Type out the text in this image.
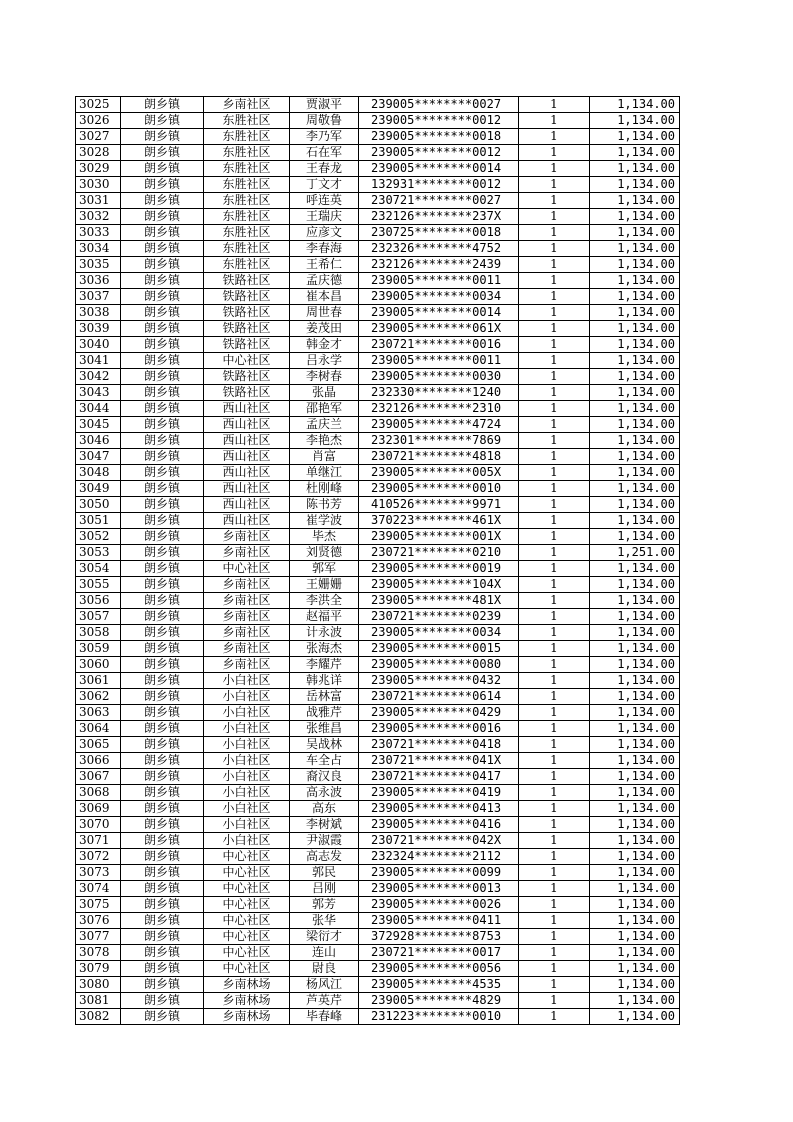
3025	朗乡镇	乡南社区	贾淑平	239005********0027	1	1,134.00
3026	朗乡镇	东胜社区	周敬鲁	239005********0012	1	1,134.00
3027	朗乡镇	东胜社区	李乃军	239005********0018	1	1,134.00
3028	朗乡镇	东胜社区	石在军	239005********0012	1	1,134.00
3029	朗乡镇	东胜社区	王春龙	239005********0014	1	1,134.00
3030	朗乡镇	东胜社区	丁文才	132931********0012	1	1,134.00
3031	朗乡镇	东胜社区	呼连英	230721********0027	1	1,134.00
3032	朗乡镇	东胜社区	王瑞庆	232126********237X	1	1,134.00
3033	朗乡镇	东胜社区	应彦文	230725********0018	1	1,134.00
3034	朗乡镇	东胜社区	李春海	232326********4752	1	1,134.00
3035	朗乡镇	东胜社区	王希仁	232126********2439	1	1,134.00
3036	朗乡镇	铁路社区	孟庆德	239005********0011	1	1,134.00
3037	朗乡镇	铁路社区	崔本昌	239005********0034	1	1,134.00
3038	朗乡镇	铁路社区	周世春	239005********0014	1	1,134.00
3039	朗乡镇	铁路社区	姜茂田	239005********061X	1	1,134.00
3040	朗乡镇	铁路社区	韩金才	230721********0016	1	1,134.00
3041	朗乡镇	中心社区	吕永学	239005********0011	1	1,134.00
3042	朗乡镇	铁路社区	李树春	239005********0030	1	1,134.00
3043	朗乡镇	铁路社区	张晶	232330********1240	1	1,134.00
3044	朗乡镇	西山社区	邵艳军	232126********2310	1	1,134.00
3045	朗乡镇	西山社区	孟庆兰	239005********4724	1	1,134.00
3046	朗乡镇	西山社区	李艳杰	232301********7869	1	1,134.00
3047	朗乡镇	西山社区	肖富	230721********4818	1	1,134.00
3048	朗乡镇	西山社区	单继江	239005********005X	1	1,134.00
3049	朗乡镇	西山社区	杜刚峰	239005********0010	1	1,134.00
3050	朗乡镇	西山社区	陈书芳	410526********9971	1	1,134.00
3051	朗乡镇	西山社区	崔学波	370223********461X	1	1,134.00
3052	朗乡镇	乡南社区	毕杰	239005********001X	1	1,134.00
3053	朗乡镇	乡南社区	刘贤德	230721********0210	1	1,251.00
3054	朗乡镇	中心社区	郭军	239005********0019	1	1,134.00
3055	朗乡镇	乡南社区	王姗姗	239005********104X	1	1,134.00
3056	朗乡镇	乡南社区	李洪全	239005********481X	1	1,134.00
3057	朗乡镇	乡南社区	赵福平	230721********0239	1	1,134.00
3058	朗乡镇	乡南社区	计永波	239005********0034	1	1,134.00
3059	朗乡镇	乡南社区	张海杰	239005********0015	1	1,134.00
3060	朗乡镇	乡南社区	李耀芹	239005********0080	1	1,134.00
3061	朗乡镇	小白社区	韩兆详	239005********0432	1	1,134.00
3062	朗乡镇	小白社区	岳林富	230721********0614	1	1,134.00
3063	朗乡镇	小白社区	战雅芹	239005********0429	1	1,134.00
3064	朗乡镇	小白社区	张维昌	239005********0016	1	1,134.00
3065	朗乡镇	小白社区	吴战林	230721********0418	1	1,134.00
3066	朗乡镇	小白社区	车全占	230721********041X	1	1,134.00
3067	朗乡镇	小白社区	裔汉良	230721********0417	1	1,134.00
3068	朗乡镇	小白社区	高永波	239005********0419	1	1,134.00
3069	朗乡镇	小白社区	高东	239005********0413	1	1,134.00
3070	朗乡镇	小白社区	李树斌	239005********0416	1	1,134.00
3071	朗乡镇	小白社区	尹淑霞	230721********042X	1	1,134.00
3072	朗乡镇	中心社区	高志发	232324********2112	1	1,134.00
3073	朗乡镇	中心社区	郭民	239005********0099	1	1,134.00
3074	朗乡镇	中心社区	吕刚	239005********0013	1	1,134.00
3075	朗乡镇	中心社区	郭芳	239005********0026	1	1,134.00
3076	朗乡镇	中心社区	张华	239005********0411	1	1,134.00
3077	朗乡镇	中心社区	梁衍才	372928********8753	1	1,134.00
3078	朗乡镇	中心社区	连山	230721********0017	1	1,134.00
3079	朗乡镇	中心社区	尉良	239005********0056	1	1,134.00
3080	朗乡镇	乡南林场	杨风江	239005********4535	1	1,134.00
3081	朗乡镇	乡南林场	芦英芹	239005********4829	1	1,134.00
3082	朗乡镇	乡南林场	毕春峰	231223********0010	1	1,134.00
